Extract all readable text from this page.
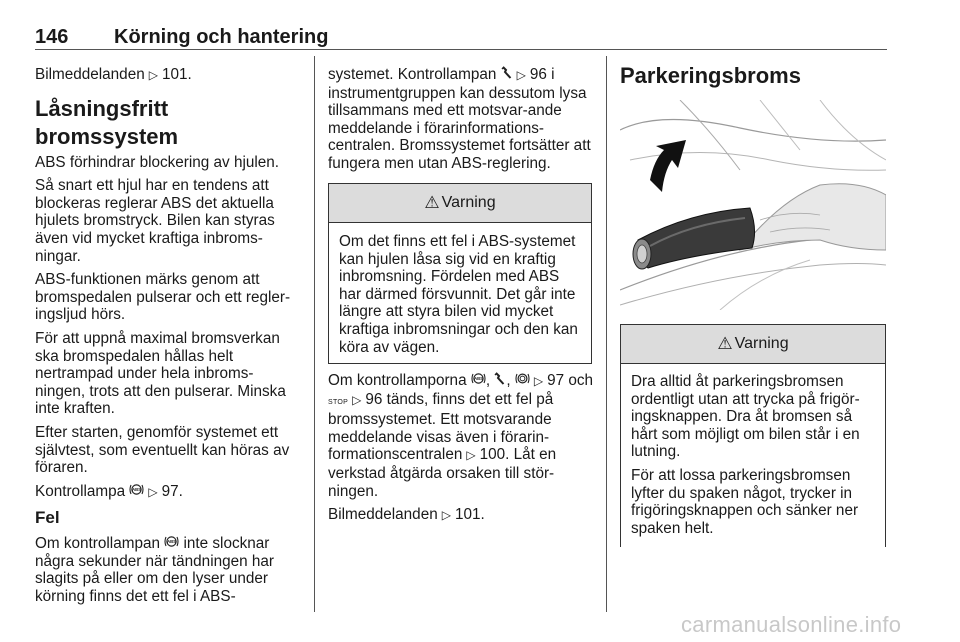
146 Körning och hantering

Bilmeddelanden ▷ 101.

Låsningsfritt bromssystem

ABS förhindrar blockering av hjulen.

Så snart ett hjul har en tendens att blockeras reglerar ABS det aktuella hjulets bromstryck. Bilen kan styras även vid mycket kraftiga inbroms-ningar.

ABS-funktionen märks genom att bromspedalen pulserar och ett regler-ingsljud hörs.

För att uppnå maximal bromsverkan ska bromspedalen hållas helt nertrampad under hela inbroms-ningen, trots att den pulserar. Minska inte kraften.

Efter starten, genomför systemet ett självtest, som eventuellt kan höras av föraren.

Kontrollampa ABS ▷ 97.

Fel

Om kontrollampan ABS inte slocknar några sekunder när tändningen har slagits på eller om den lyser under körning finns det ett fel i ABS-

systemet. Kontrollampan ▷ 96 i instrumentgruppen kan dessutom lysa tillsammans med ett motsvar-ande meddelande i förarinformations-centralen. Bromssystemet fortsätter att fungera men utan ABS-reglering.

⚠ Varning

Om det finns ett fel i ABS-systemet kan hjulen låsa sig vid en kraftig inbromsning. Fördelen med ABS har därmed försvunnit. Det går inte längre att styra bilen vid mycket kraftiga inbromsningar och den kan köra av vägen.

Om kontrollamporna ABS , , ▷ 97 och STOP ▷ 96 tänds, finns det ett fel på bromssystemet. Ett motsvarande meddelande visas även i förarin-formationscentralen ▷ 100. Låt en verkstad åtgärda orsaken till stör-ningen.

Bilmeddelanden ▷ 101.

Parkeringsbroms
⚠ Varning

Dra alltid åt parkeringsbromsen ordentligt utan att trycka på frigör-ingsknappen. Dra åt bromsen så hårt som möjligt om bilen står i en lutning.

För att lossa parkeringsbromsen lyfter du spaken något, trycker in frigöringsknappen och sänker ner spaken helt.

carmanualsonline.info
